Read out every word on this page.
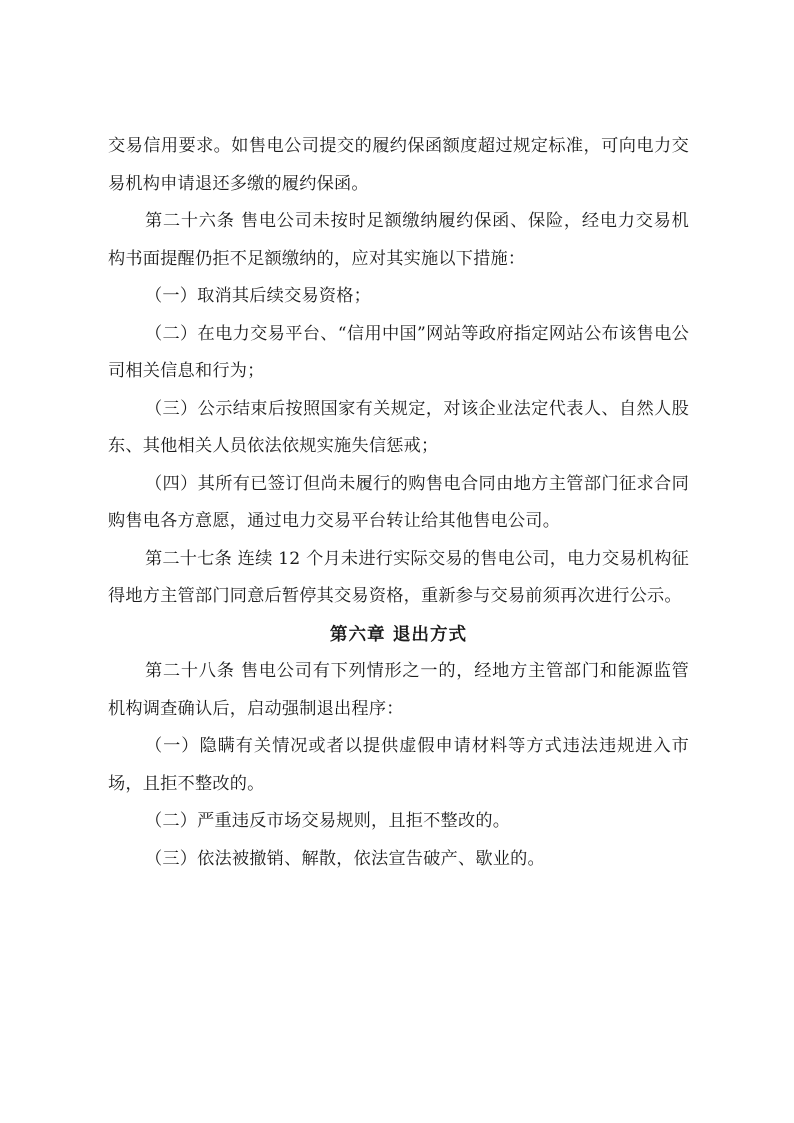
交易信用要求。如售电公司提交的履约保函额度超过规定标准，可向电力交易机构申请退还多缴的履约保函。

第二十六条 售电公司未按时足额缴纳履约保函、保险，经电力交易机构书面提醒仍拒不足额缴纳的，应对其实施以下措施：

（一）取消其后续交易资格；

（二）在电力交易平台、“信用中国”网站等政府指定网站公布该售电公司相关信息和行为；

（三）公示结束后按照国家有关规定，对该企业法定代表人、自然人股东、其他相关人员依法依规实施失信惩戒；

（四）其所有已签订但尚未履行的购售电合同由地方主管部门征求合同购售电各方意愿，通过电力交易平台转让给其他售电公司。

第二十七条 连续 12 个月未进行实际交易的售电公司，电力交易机构征得地方主管部门同意后暂停其交易资格，重新参与交易前须再次进行公示。

第六章 退出方式

第二十八条 售电公司有下列情形之一的，经地方主管部门和能源监管机构调查确认后，启动强制退出程序：

（一）隐瞒有关情况或者以提供虚假申请材料等方式违法违规进入市场，且拒不整改的。

（二）严重违反市场交易规则，且拒不整改的。

（三）依法被撤销、解散，依法宣告破产、歇业的。
